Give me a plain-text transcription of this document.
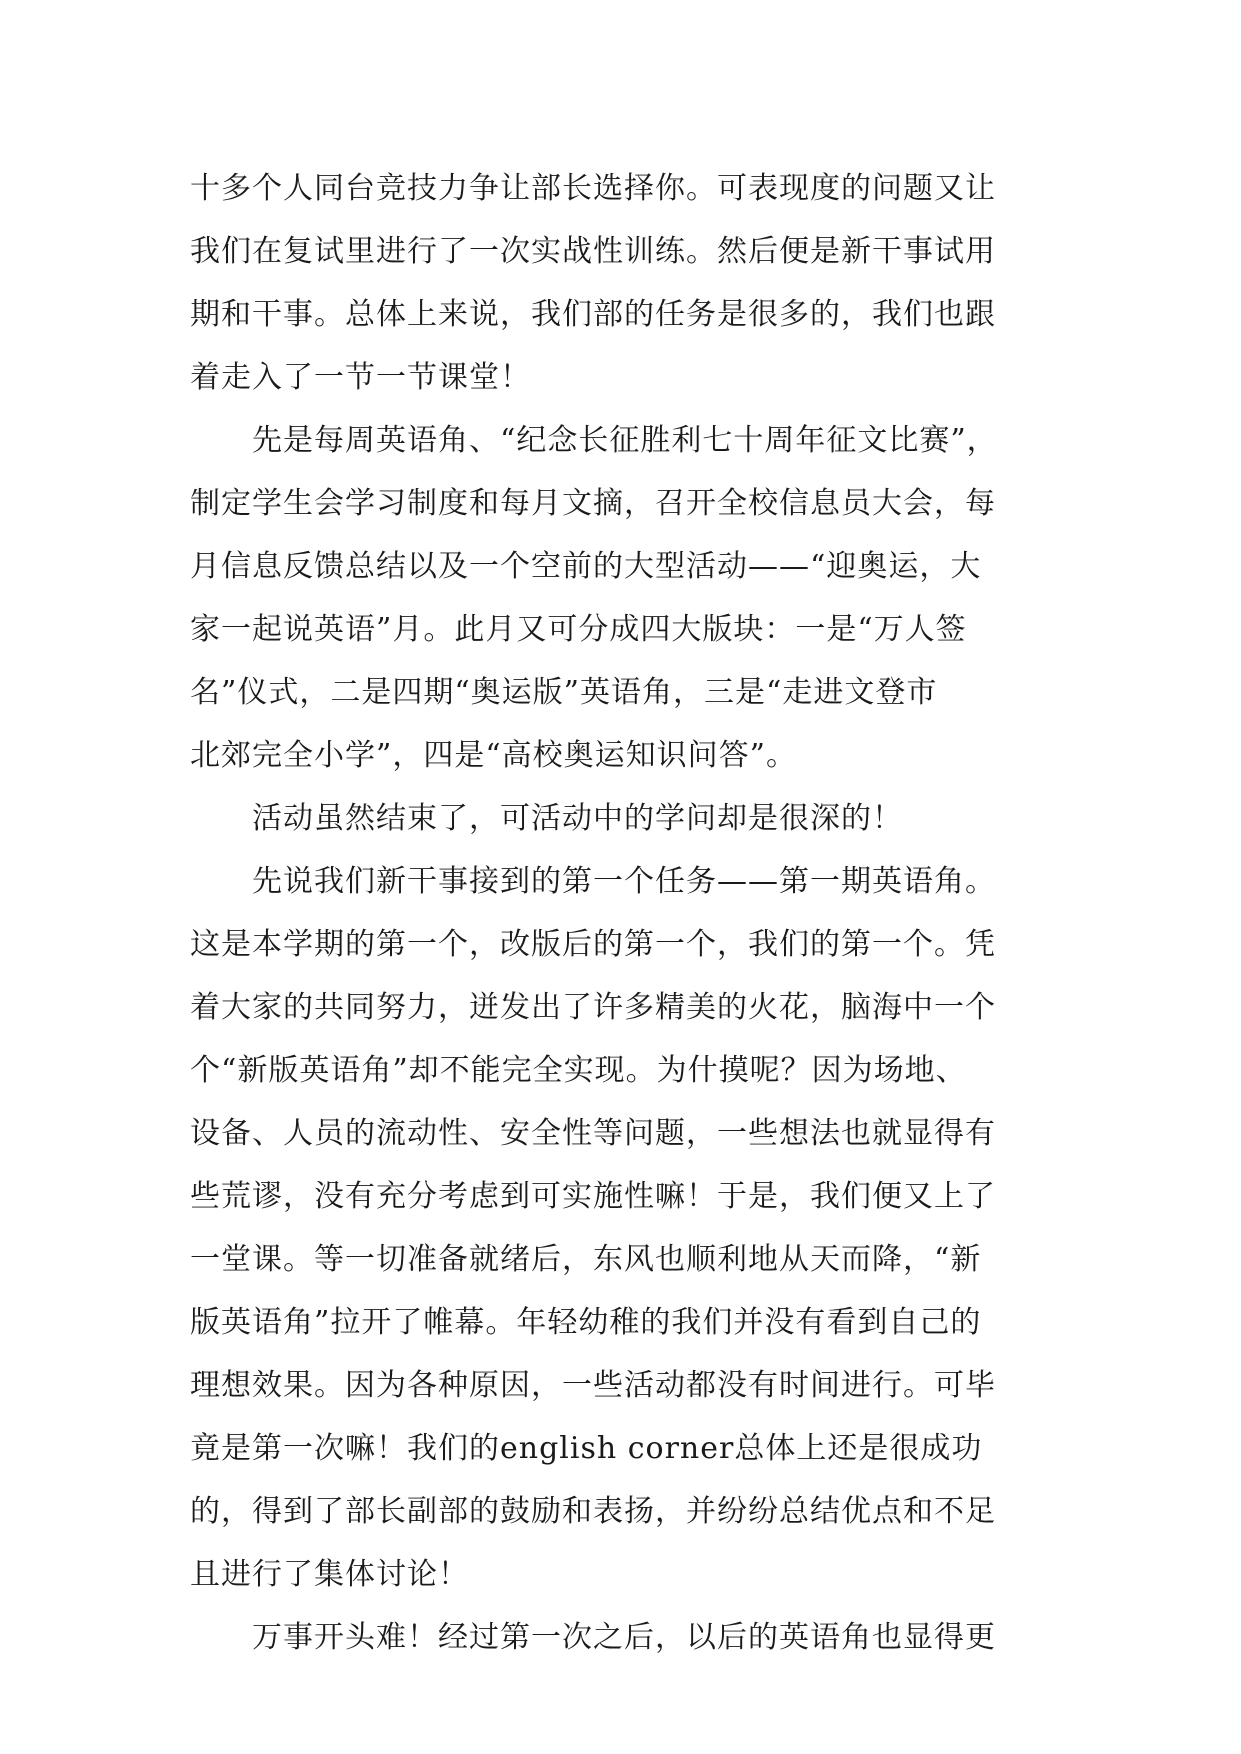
十多个人同台竞技力争让部长选择你。可表现度的问题又让
我们在复试里进行了一次实战性训练。然后便是新干事试用
期和干事。总体上来说，我们部的任务是很多的，我们也跟
着走入了一节一节课堂！
先是每周英语角、“纪念长征胜利七十周年征文比赛”，
制定学生会学习制度和每月文摘，召开全校信息员大会，每
月信息反馈总结以及一个空前的大型活动——“迎奥运，大
家一起说英语”月。此月又可分成四大版块：一是“万人签
名”仪式，二是四期“奥运版”英语角，三是“走进文登市
北郊完全小学”，四是“高校奥运知识问答”。
活动虽然结束了，可活动中的学问却是很深的！
先说我们新干事接到的第一个任务——第一期英语角。
这是本学期的第一个，改版后的第一个，我们的第一个。凭
着大家的共同努力，迸发出了许多精美的火花，脑海中一个
个“新版英语角”却不能完全实现。为什摸呢？因为场地、
设备、人员的流动性、安全性等问题，一些想法也就显得有
些荒谬，没有充分考虑到可实施性嘛！于是，我们便又上了
一堂课。等一切准备就绪后，东风也顺利地从天而降，“新
版英语角”拉开了帷幕。年轻幼稚的我们并没有看到自己的
理想效果。因为各种原因，一些活动都没有时间进行。可毕
竟是第一次嘛！我们的english corner总体上还是很成功
的，得到了部长副部的鼓励和表扬，并纷纷总结优点和不足
且进行了集体讨论！
万事开头难！经过第一次之后，以后的英语角也显得更
